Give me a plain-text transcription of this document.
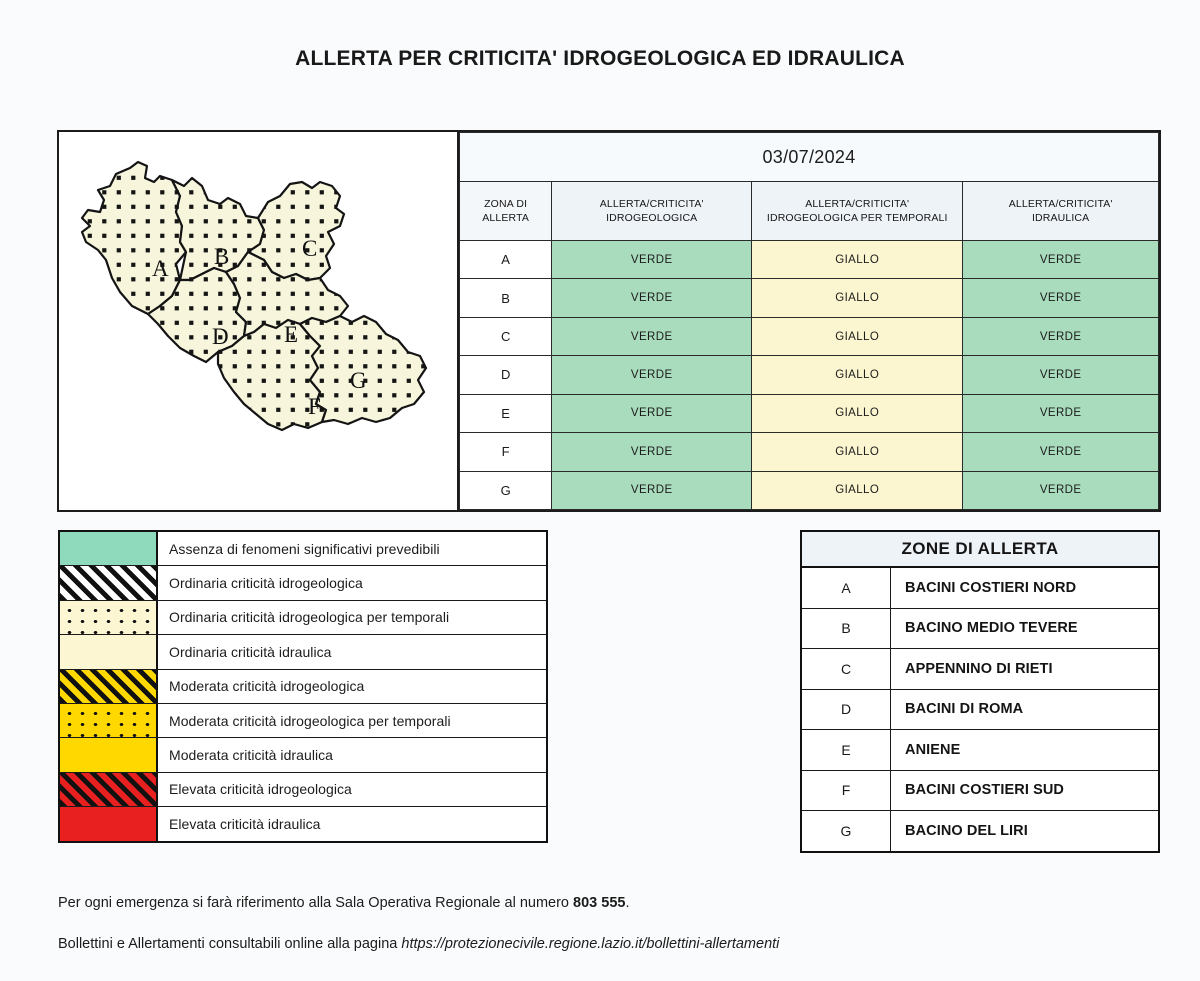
ALLERTA PER CRITICITA' IDROGEOLOGICA ED IDRAULICA
A B	C
D E
F
G
03/07/2024			

ZONA DI
ALLERTA

ALLERTA/CRITICITA'
IDROGEOLOGICA

ALLERTA/CRITICITA'
IDROGEOLOGICA PER TEMPORALI

ALLERTA/CRITICITA'
IDRAULICA

A	VERDE	GIALLO	VERDE
B	VERDE	GIALLO	VERDE
C	VERDE	GIALLO	VERDE
D	VERDE	GIALLO	VERDE
E	VERDE	GIALLO	VERDE
F	VERDE	GIALLO	VERDE
G	VERDE	GIALLO	VERDE
Assenza di fenomeni significativi prevedibili
Ordinaria criticità idrogeologica
Ordinaria criticità idrogeologica per temporali
Ordinaria criticità idraulica
Moderata criticità idrogeologica
Moderata criticità idrogeologica per temporali
Moderata criticità idraulica
Elevata criticità idrogeologica
Elevata criticità idraulica
ZONE DI ALLERTA
A	BACINI COSTIERI NORD
B	BACINO MEDIO TEVERE
C	APPENNINO DI RIETI
D	BACINI DI ROMA
E	ANIENE
F	BACINI COSTIERI SUD
G	BACINO DEL LIRI
Per ogni emergenza si farà riferimento alla Sala Operativa Regionale al numero 803 555.
Bollettini e Allertamenti consultabili online alla pagina https://protezionecivile.regione.lazio.it/bollettini-allertamenti
